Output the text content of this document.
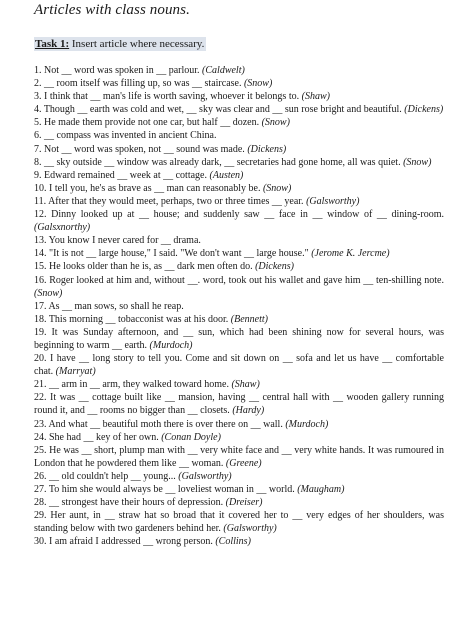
Articles with class nouns.
Task 1: Insert article where necessary.

1. Not __ word was spoken in __ parlour. (Caldwelt)

2. __ room itself was filling up, so was __ staircase. (Snow)

3. I think that __ man's life is worth saving, whoever it belongs to. (Shaw)

4. Though __ earth was cold and wet, __ sky was clear and __ sun rose bright and beautiful. (Dickens)

5. He made them provide not one car, but half __ dozen. (Snow)

6. __ compass was invented in ancient China.

7. Not __ word was spoken, not __ sound was made. (Dickens)

8. __ sky outside __ window was already dark, __ secretaries had gone home, all was quiet. (Snow)

9. Edward remained __ week at __ cottage. (Austen)

10. I tell you, he's as brave as __ man can reasonably be. (Snow)

11. After that they would meet, perhaps, two or three times __ year. (Galsworthy)

12. Dinny looked up at __ house; and suddenly saw __ face in __ window of __ dining-room. (Galsxnorthy)

13. You know I never cared for __ drama.

14. "It is not __ large house," I said. "We don't want __ large house." (Jerome K. Jercme)

15. He looks older than he is, as __ dark men often do. (Dickens)

16. Roger looked at him and, without __. word, took out his wallet and gave him __ ten-shilling note. (Snow)

17. As __ man sows, so shall he reap.

18. This morning __ tobacconist was at his door. (Bennett)

19. It was Sunday afternoon, and __ sun, which had been shining now for several hours, was beginning to warm __ earth. (Murdoch)

20. I have __ long story to tell you. Come and sit down on __ sofa and let us have __ comfortable chat. (Marryat)

21. __ arm in __ arm, they walked toward home. (Shaw)

22. It was __ cottage built like __ mansion, having __ central hall with __ wooden gallery running round it, and __ rooms no bigger than __ closets. (Hardy)

23. And what __ beautiful moth there is over there on __ wall. (Murdoch)

24. She had __ key of her own. (Conan Doyle)

25. He was __ short, plump man with __ very white face and __ very white hands. It was rumoured in London that he powdered them like __ woman. (Greene)

26. __ old couldn't help __ young... (Galsworthy)

27. To him she would always be __ loveliest woman in __ world. (Maugham)

28. __ strongest have their hours of depression. (Dreiser)

29. Her aunt, in __ straw hat so broad that it covered her to __ very edges of her shoulders, was standing below with two gardeners behind her. (Galsworthy)

30. I am afraid I addressed __ wrong person. (Collins)
